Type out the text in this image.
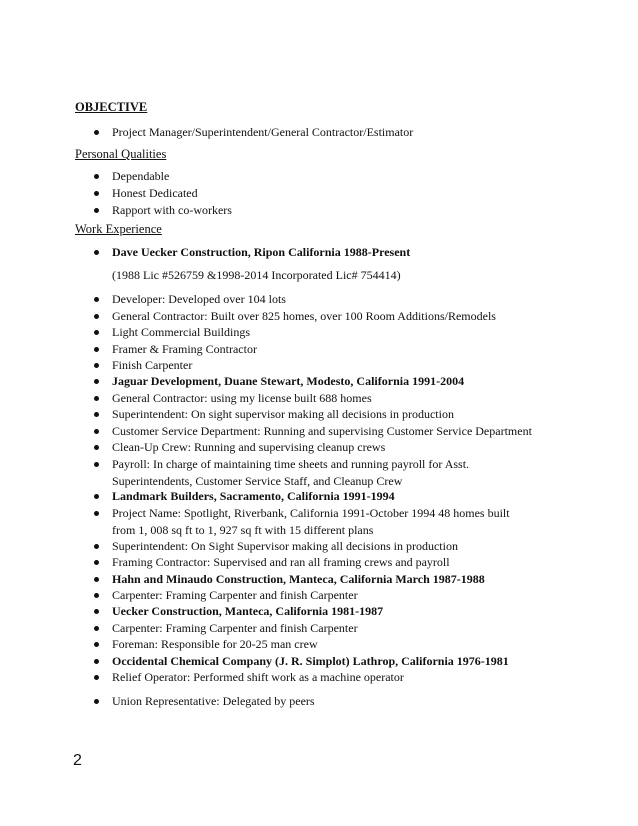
OBJECTIVE
Project Manager/Superintendent/General Contractor/Estimator
Personal Qualities
Dependable
Honest Dedicated
Rapport with co-workers
Work Experience
Dave Uecker Construction, Ripon California 1988-Present
(1988 Lic #526759 &1998-2014 Incorporated Lic# 754414)
Developer: Developed over 104 lots
General Contractor: Built over 825 homes, over 100 Room Additions/Remodels
Light Commercial Buildings
Framer & Framing Contractor
Finish Carpenter
Jaguar Development, Duane Stewart, Modesto, California 1991-2004
General Contractor: using my license built 688 homes
Superintendent: On sight supervisor making all decisions in production
Customer Service Department: Running and supervising Customer Service Department
Clean-Up Crew: Running and supervising cleanup crews
Payroll: In charge of maintaining time sheets and running payroll for Asst. Superintendents, Customer Service Staff, and Cleanup Crew
Landmark Builders, Sacramento, California 1991-1994
Project Name: Spotlight, Riverbank, California 1991-October 1994 48 homes built from 1, 008 sq ft to 1, 927 sq ft with 15 different plans
Superintendent: On Sight Supervisor making all decisions in production
Framing Contractor: Supervised and ran all framing crews and payroll
Hahn and Minaudo Construction, Manteca, California March 1987-1988
Carpenter: Framing Carpenter and finish Carpenter
Uecker Construction, Manteca, California 1981-1987
Carpenter: Framing Carpenter and finish Carpenter
Foreman: Responsible for 20-25 man crew
Occidental Chemical Company (J. R. Simplot) Lathrop, California 1976-1981
Relief Operator: Performed shift work as a machine operator
Union Representative: Delegated by peers
2
